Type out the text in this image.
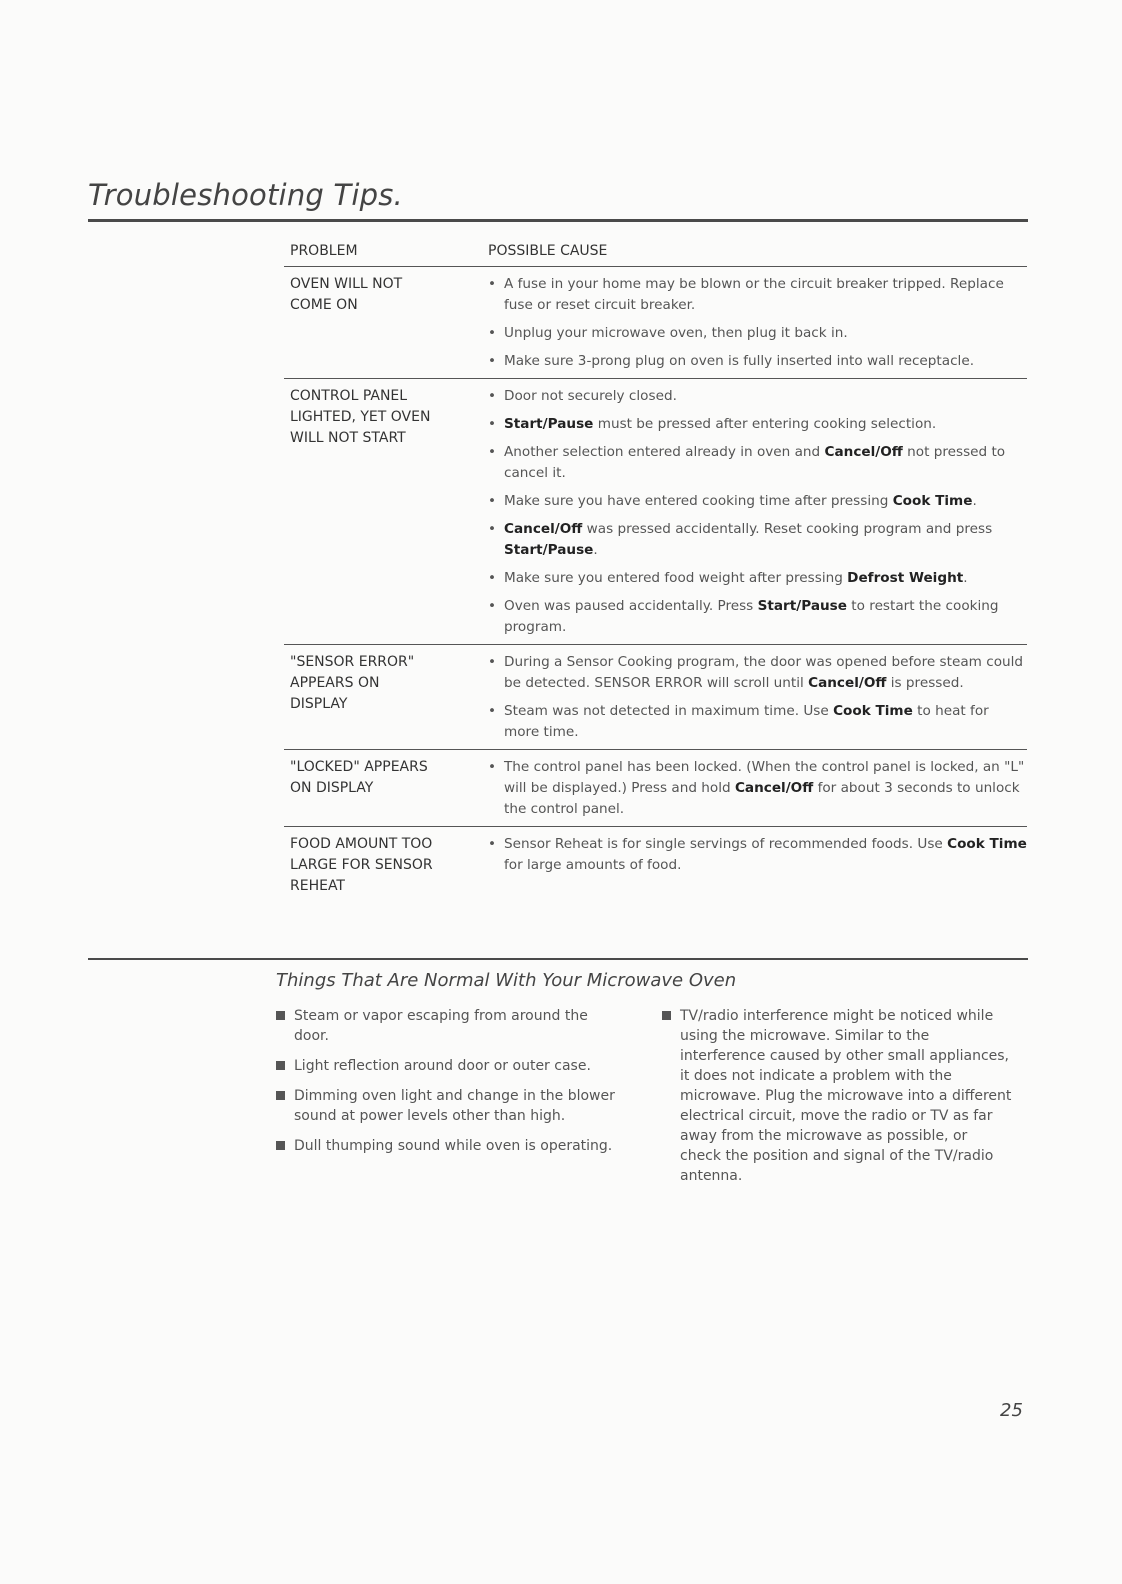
Troubleshooting Tips.
PROBLEM	POSSIBLE CAUSE
OVEN WILL NOT
COME ON
• A fuse in your home may be blown or the circuit breaker tripped. Replace fuse or reset circuit breaker.
• Unplug your microwave oven, then plug it back in.
• Make sure 3-prong plug on oven is fully inserted into wall receptacle.
CONTROL PANEL
LIGHTED, YET OVEN
WILL NOT START
• Door not securely closed.
• Start/Pause must be pressed after entering cooking selection.
• Another selection entered already in oven and Cancel/Off not pressed to cancel it.
• Make sure you have entered cooking time after pressing Cook Time.
• Cancel/Off was pressed accidentally. Reset cooking program and press Start/Pause.
• Make sure you entered food weight after pressing Defrost Weight.
• Oven was paused accidentally. Press Start/Pause to restart the cooking program.
"SENSOR ERROR"
APPEARS ON
DISPLAY
• During a Sensor Cooking program, the door was opened before steam could be detected. SENSOR ERROR will scroll until Cancel/Off is pressed.
• Steam was not detected in maximum time. Use Cook Time to heat for more time.
"LOCKED" APPEARS
ON DISPLAY
• The control panel has been locked. (When the control panel is locked, an "L" will be displayed.) Press and hold Cancel/Off for about 3 seconds to unlock the control panel.
FOOD AMOUNT TOO
LARGE FOR SENSOR
REHEAT
• Sensor Reheat is for single servings of recommended foods. Use Cook Time for large amounts of food.
Things That Are Normal With Your Microwave Oven
Steam or vapor escaping from around the door.
Light reflection around door or outer case.
Dimming oven light and change in the blower sound at power levels other than high.
Dull thumping sound while oven is operating.
TV/radio interference might be noticed while using the microwave. Similar to the interference caused by other small appliances, it does not indicate a problem with the microwave. Plug the microwave into a different electrical circuit, move the radio or TV as far away from the microwave as possible, or check the position and signal of the TV/radio antenna.
25
